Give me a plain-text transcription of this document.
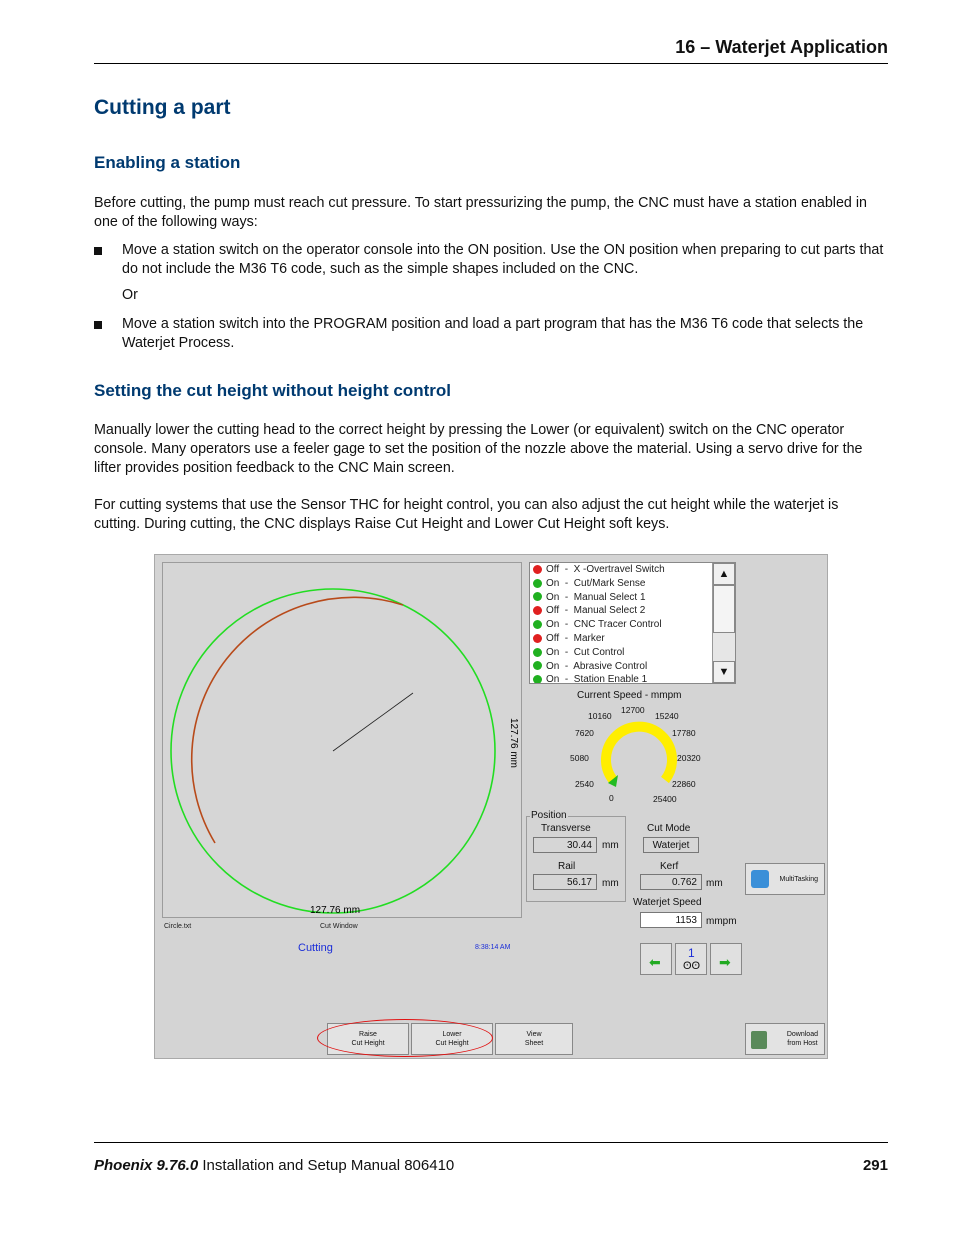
16 – Waterjet Application
Cutting a part
Enabling a station

Before cutting, the pump must reach cut pressure. To start pressurizing the pump, the CNC must have a station enabled in one of the following ways:

Move a station switch on the operator console into the ON position. Use the ON position when preparing to cut parts that do not include the M36 T6 code, such as the simple shapes included on the CNC.
Or
Move a station switch into the PROGRAM position and load a part program that has the M36 T6 code that selects the Waterjet Process.
Setting the cut height without height control

Manually lower the cutting head to the correct height by pressing the Lower (or equivalent) switch on the CNC operator console. Many operators use a feeler gage to set the position of the nozzle above the material. Using a servo drive for the lifter provides position feedback to the CNC Main screen.

For cutting systems that use the Sensor THC for height control, you can also adjust the cut height while the waterjet is cutting. During cutting, the CNC displays Raise Cut Height and Lower Cut Height soft keys.

127.76 mm
127.76 mm
Circle.txt	Cut Window
Cutting	8:38:14 AM
Off  -  X -Overtravel Switch
On  -  Cut/Mark Sense
On  -  Manual Select 1
Off  -  Manual Select 2
On  -  CNC Tracer Control
Off  -  Marker
On  -  Cut Control
On  -  Abrasive Control
On  -  Station Enable 1
▲
▼
Current Speed - mmpm
Position
Transverse
30.44	mm
Rail
56.17	mm
Cut Mode
Waterjet
Kerf
0.762 mm
Waterjet Speed
1153 mmpm
MultiTasking
⬅
1
ʘʘ ➡
Raise
Cut Height
Lower
Cut Height
View
Sheet
Download
from Host
0
2540
5080
7620
10160
12700
15240
17780
20320
22860
25400
Phoenix 9.76.0 Installation and Setup Manual 806410	291
